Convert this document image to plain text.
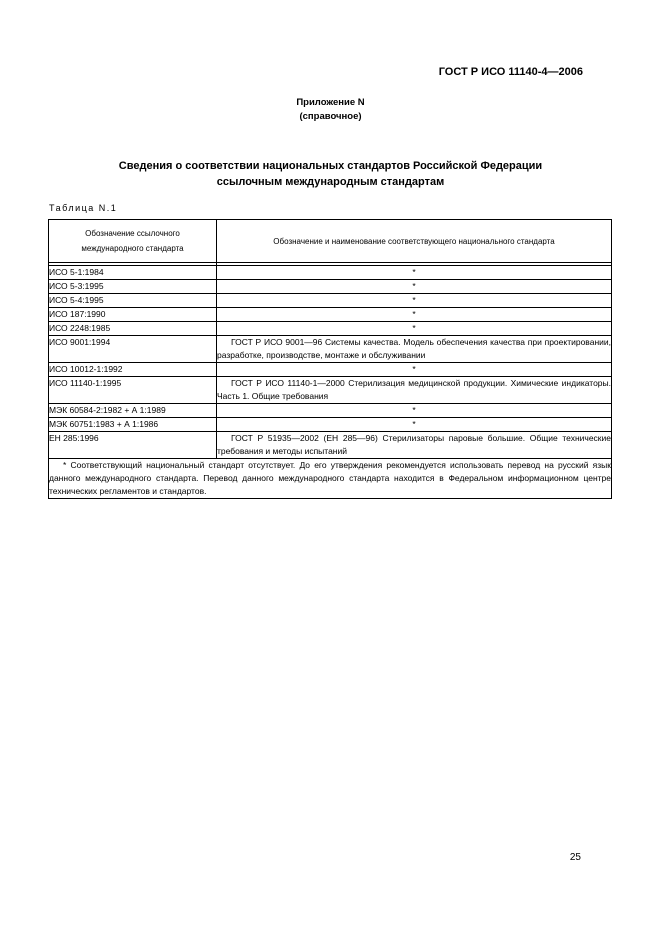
ГОСТ Р ИСО 11140-4—2006
Приложение N
(справочное)
Сведения о соответствии национальных стандартов Российской Федерации
ссылочным международным стандартам
Таблица N.1
Обозначение ссылочного международного стандарта	Обозначение и наименование соответствующего национального стандарта

ИСО 5-1:1984	*
ИСО 5-3:1995	*
ИСО 5-4:1995	*
ИСО 187:1990	*
ИСО 2248:1985	*
ИСО 9001:1994	ГОСТ Р ИСО 9001—96 Системы качества. Модель обеспечения качества при проектировании, разработке, производстве, монтаже и обслуживании
ИСО 10012-1:1992	*
ИСО 11140-1:1995	ГОСТ Р ИСО 11140-1—2000 Стерилизация медицинской продукции. Химические индикаторы. Часть 1. Общие требования
МЭК 60584-2:1982 + А 1:1989	*
МЭК 60751:1983 + А 1:1986	*
ЕН 285:1996	ГОСТ Р 51935—2002 (ЕН 285—96) Стерилизаторы паровые большие. Общие технические требования и методы испытаний
* Соответствующий национальный стандарт отсутствует. До его утверждения рекомендуется использовать перевод на русский язык данного международного стандарта. Перевод данного международного стандарта находится в Федеральном информационном центре технических регламентов и стандартов.	
25
